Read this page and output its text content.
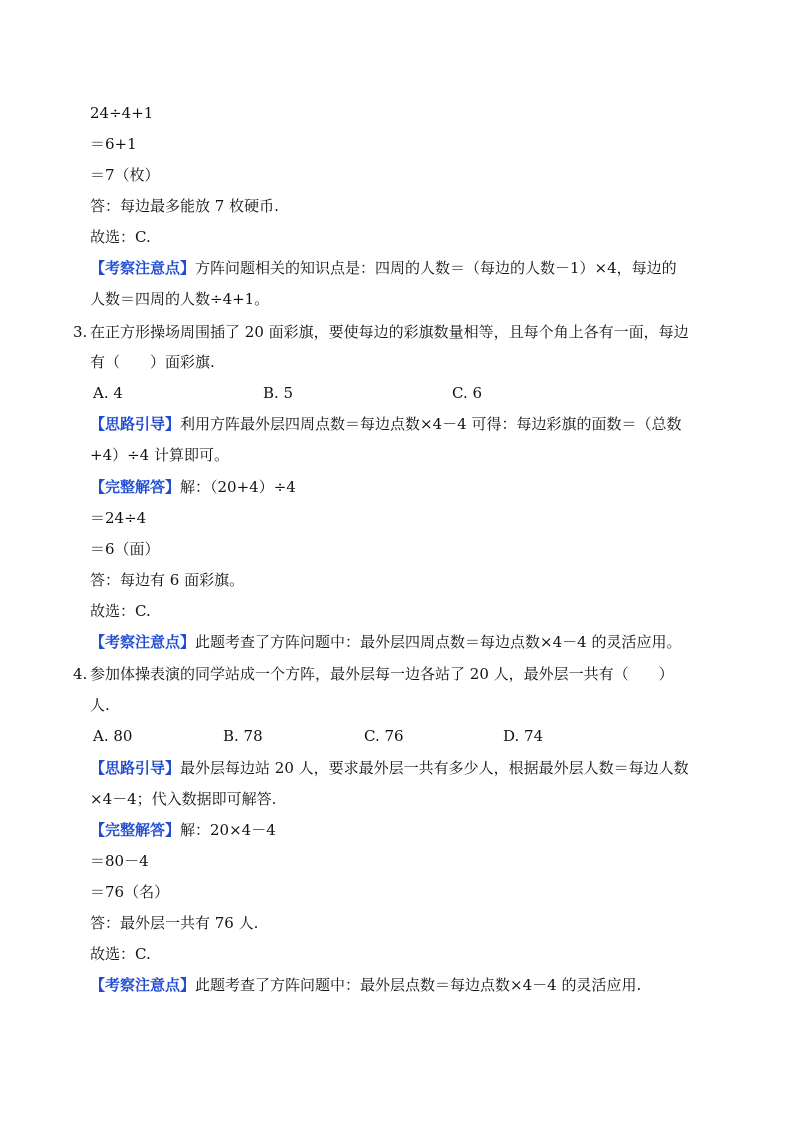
24÷4+1
＝6+1
＝7（枚）
答：每边最多能放 7 枚硬币.
故选：C.
【考察注意点】方阵问题相关的知识点是：四周的人数＝（每边的人数－1）×4，每边的
人数＝四周的人数÷4+1。
3. 在正方形操场周围插了 20 面彩旗，要使每边的彩旗数量相等，且每个角上各有一面，每边
有（　　）面彩旗.
A. 4	B. 5	C. 6
【思路引导】利用方阵最外层四周点数＝每边点数×4－4 可得：每边彩旗的面数＝（总数
+4）÷4 计算即可。
【完整解答】解：（20+4）÷4
＝24÷4
＝6（面）
答：每边有 6 面彩旗。
故选：C.
【考察注意点】此题考查了方阵问题中：最外层四周点数＝每边点数×4－4 的灵活应用。
4. 参加体操表演的同学站成一个方阵，最外层每一边各站了 20 人，最外层一共有（　　）
人.
A. 80	B. 78	C. 76	D. 74
【思路引导】最外层每边站 20 人，要求最外层一共有多少人，根据最外层人数＝每边人数
×4－4；代入数据即可解答.
【完整解答】解：20×4－4
＝80－4
＝76（名）
答：最外层一共有 76 人.
故选：C.
【考察注意点】此题考查了方阵问题中：最外层点数＝每边点数×4－4 的灵活应用.
